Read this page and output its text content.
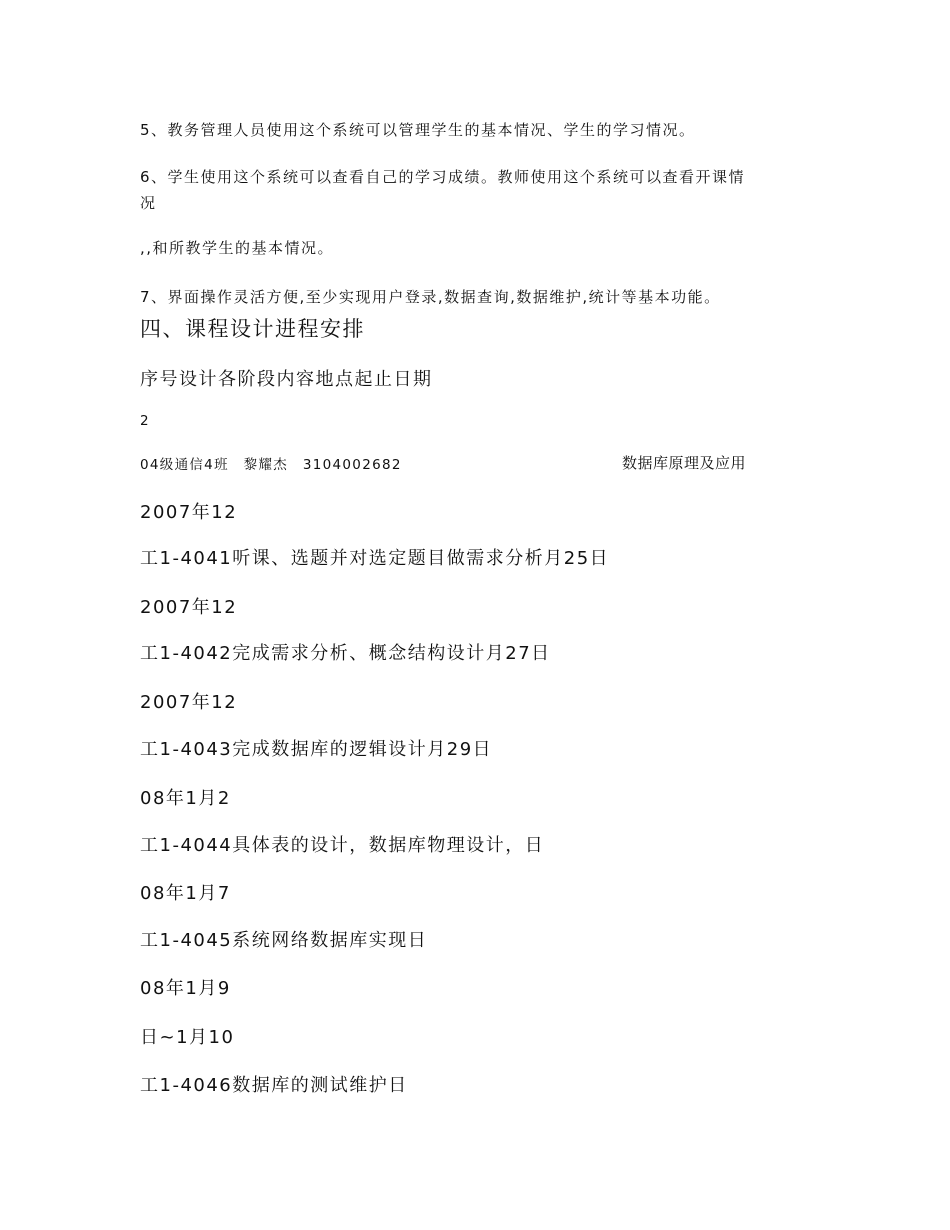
5、教务管理人员使用这个系统可以管理学生的基本情况、学生的学习情况。
6、学生使用这个系统可以查看自己的学习成绩。教师使用这个系统可以查看开课情
况
,,和所教学生的基本情况。
7、界面操作灵活方便,至少实现用户登录,数据查询,数据维护,统计等基本功能。
四、课程设计进程安排
序号设计各阶段内容地点起止日期
2
04级通信4班　黎耀杰　3104002682	数据库原理及应用
2007年12
工1-4041听课、选题并对选定题目做需求分析月25日
2007年12
工1-4042完成需求分析、概念结构设计月27日
2007年12
工1-4043完成数据库的逻辑设计月29日
08年1月2
工1-4044具体表的设计，数据库物理设计，日
08年1月7
工1-4045系统网络数据库实现日
08年1月9
日~1月10
工1-4046数据库的测试维护日
